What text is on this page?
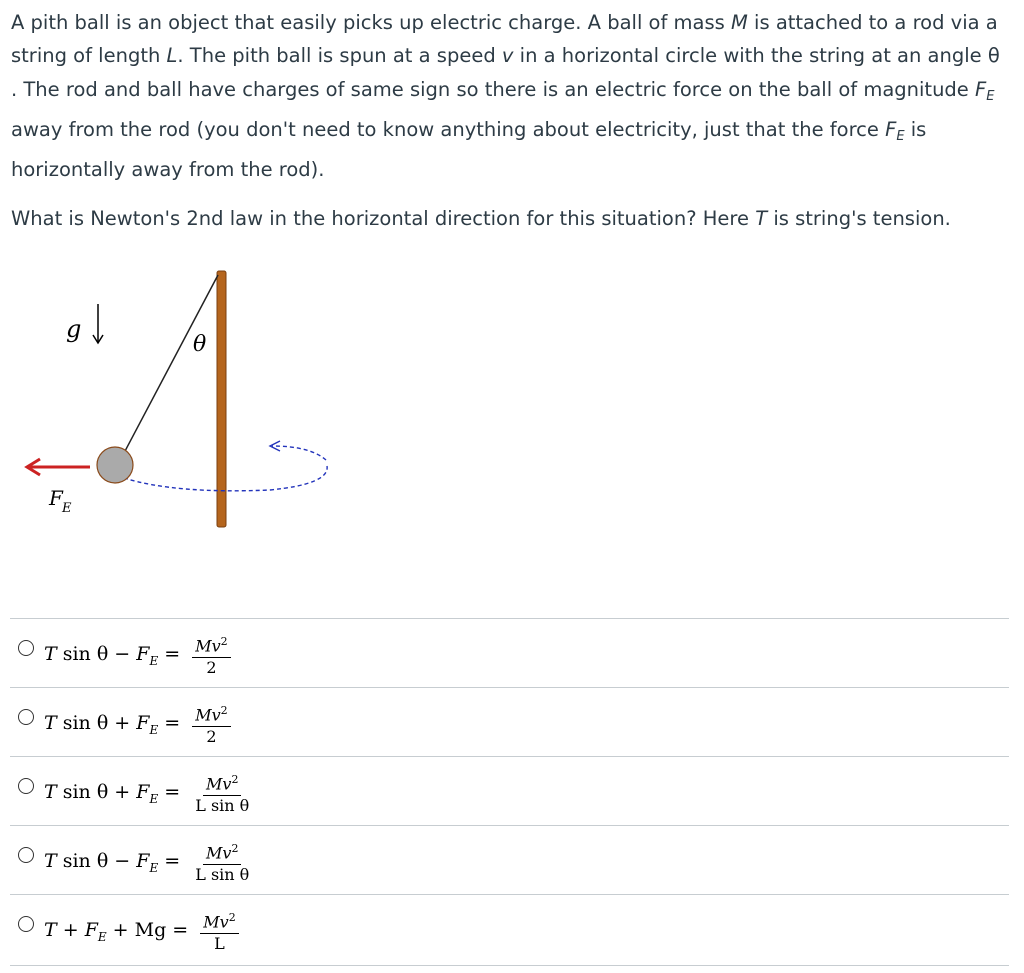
A pith ball is an object that easily picks up electric charge. A ball of mass M is attached to a rod via a string of length L. The pith ball is spun at a speed v in a horizontal circle with the string at an angle θ . The rod and ball have charges of same sign so there is an electric force on the ball of magnitude $F_E$ away from the rod (you don't need to know anything about electricity, just that the force $F_E$ is horizontally away from the rod).

What is Newton's 2nd law in the horizontal direction for this situation? Here T is string's tension.

g
θ
F E
T $\sin \theta - F_E = \frac{Mv^2}{2}$
T $\sin \theta + F_E = \frac{Mv^2}{2}$
T $\sin \theta + F_E = \frac{Mv^2}{\text{L sin θ}}$
T $\sin \theta - F_E = \frac{Mv^2}{\text{L sin θ}}$
$T + F_E + Mg = \frac{Mv^2}{L}$
